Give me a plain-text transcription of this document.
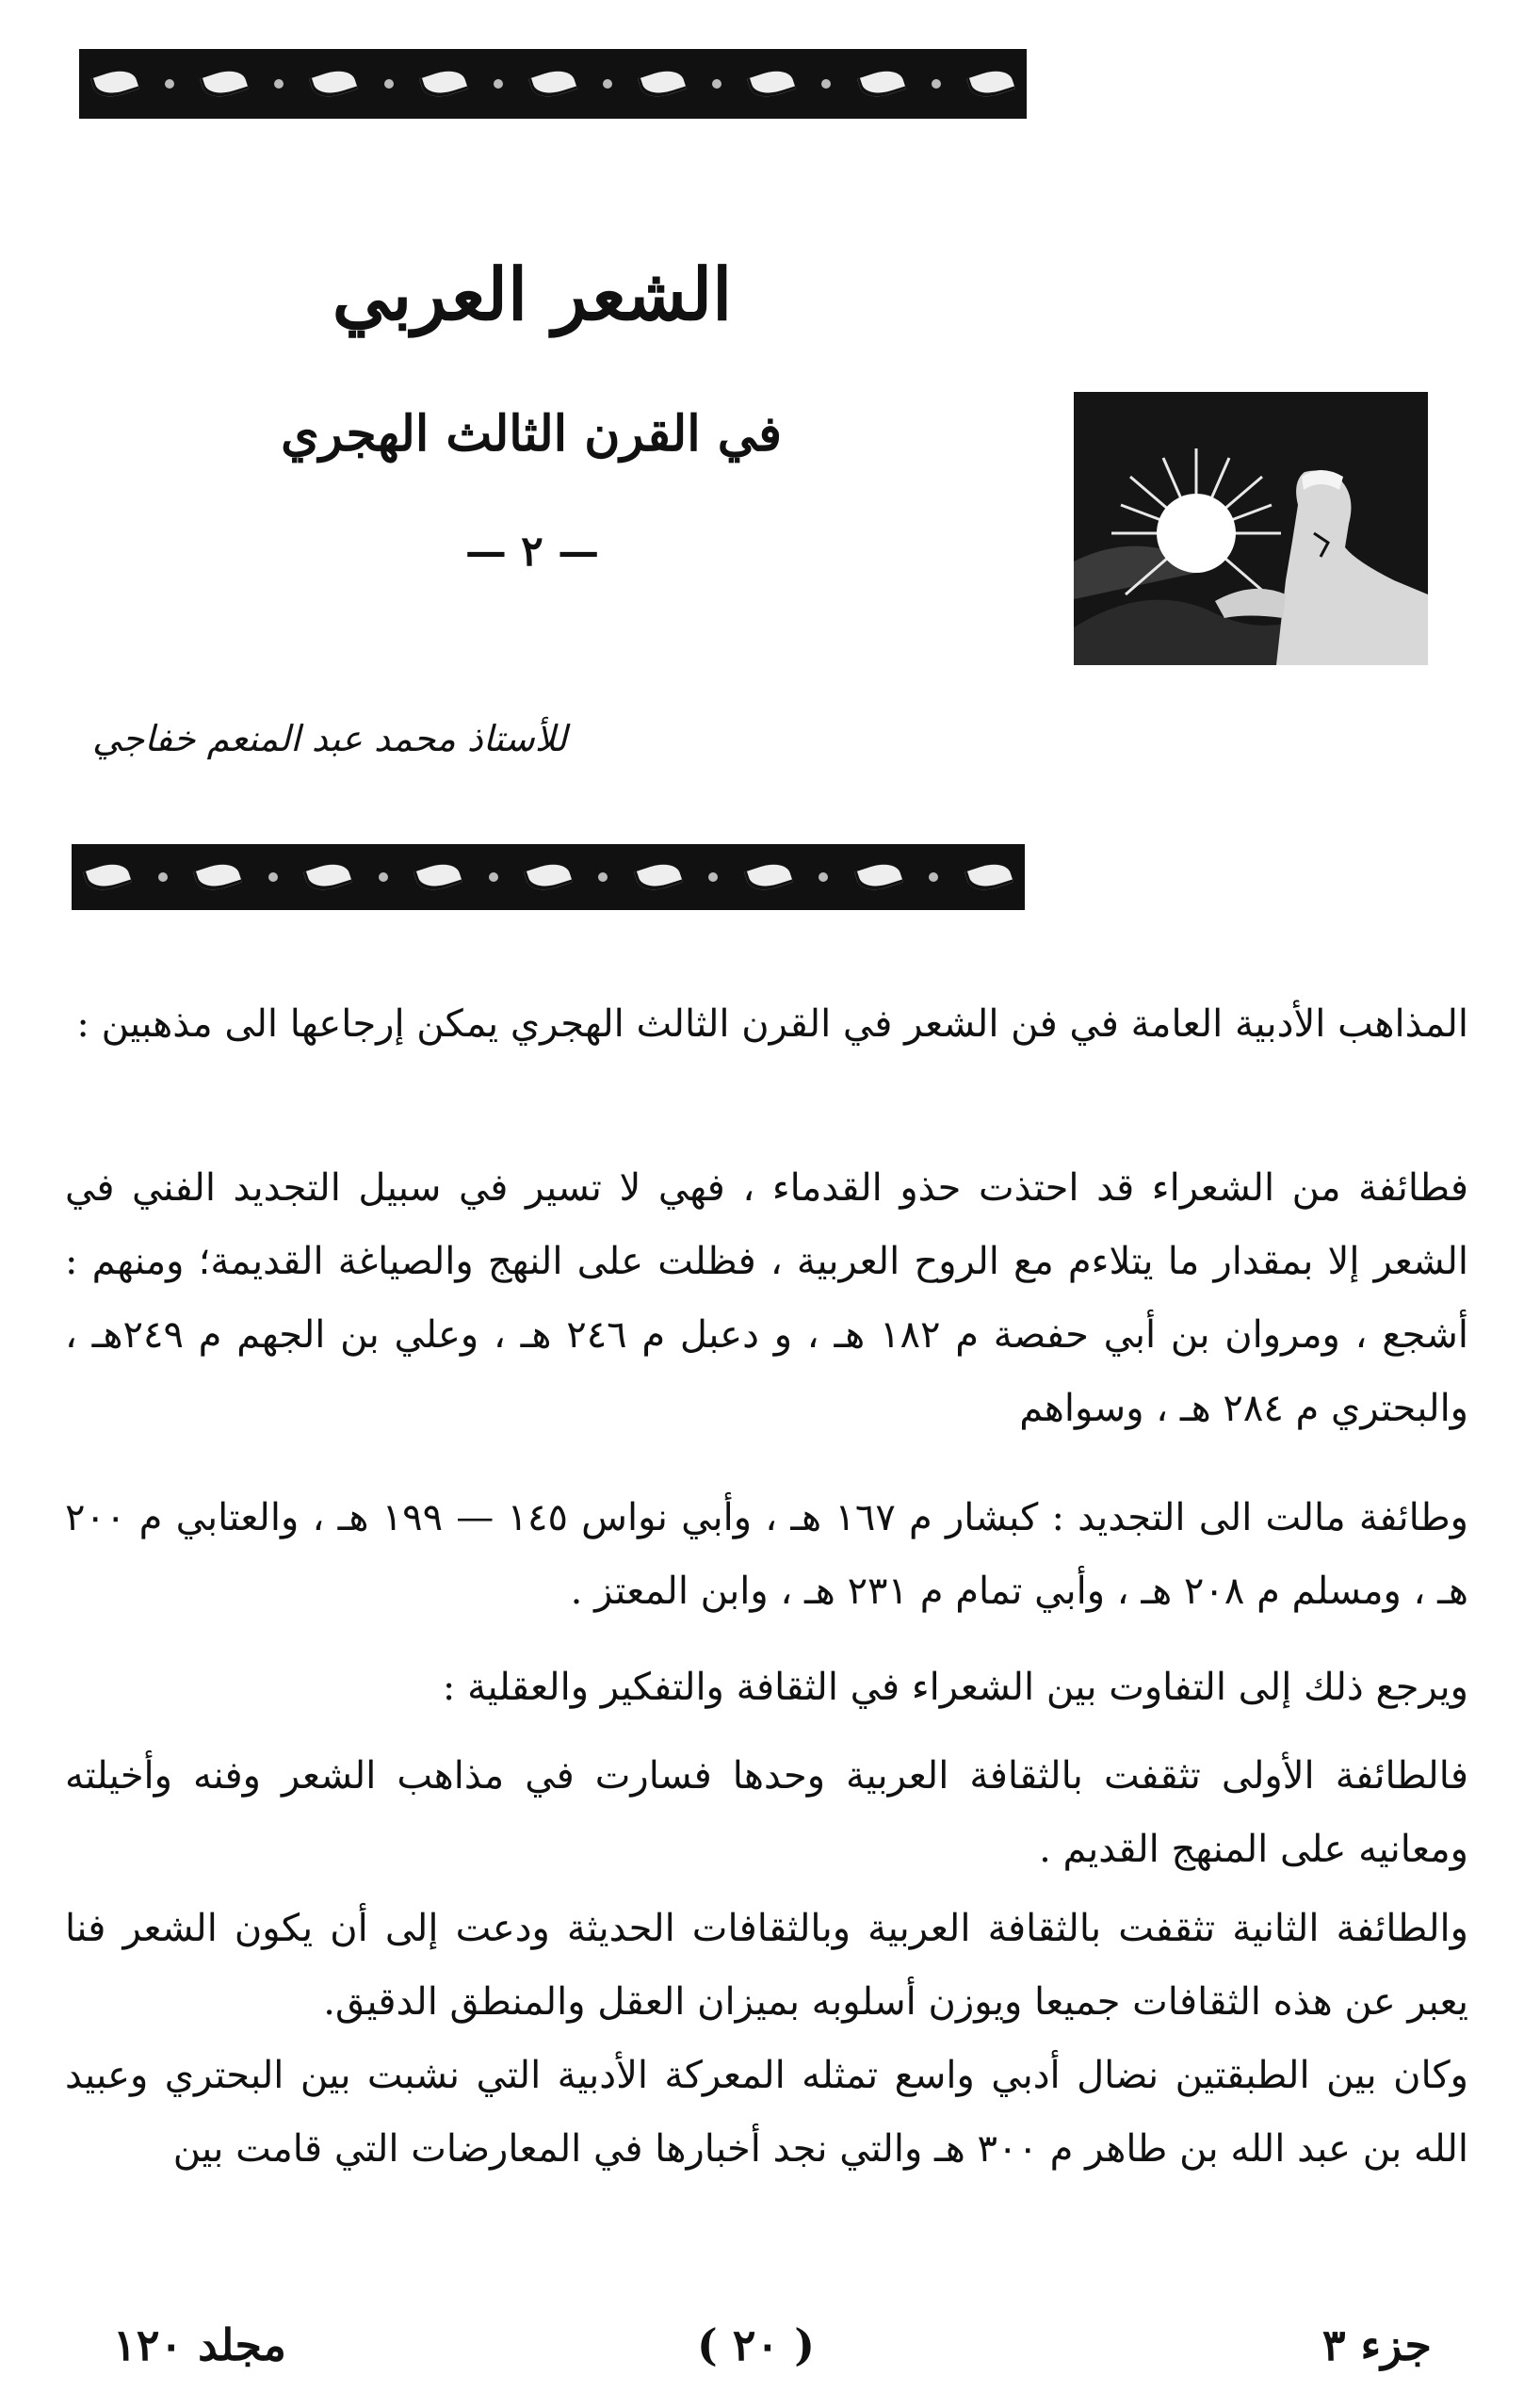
الشعر العربي
في القرن الثالث الهجري
— ٢ —
للأستاذ محمد عبد المنعم خفاجي

المذاهب الأدبية العامة في فن الشعر في القرن الثالث الهجري يمكن إرجاعها الى مذهبين :

فطائفة من الشعراء قد احتذت حذو القدماء ، فهي لا تسير في سبيل التجديد الفني في الشعر إلا بمقدار ما يتلاءم مع الروح العربية ، فظلت على النهج والصياغة القديمة؛ ومنهم : أشجع ، ومروان بن أبي حفصة م ١٨٢ هـ ، و دعبل م ٢٤٦ هـ ، وعلي بن الجهم م ٢٤٩هـ ، والبحتري م ٢٨٤ هـ ، وسواهم

وطائفة مالت الى التجديد : كبشار م ١٦٧ هـ ، وأبي نواس ١٤٥ — ١٩٩ هـ ، والعتابي م ٢٠٠ هـ ، ومسلم م ٢٠٨ هـ ، وأبي تمام م ٢٣١ هـ ، وابن المعتز .

ويرجع ذلك إلى التفاوت بين الشعراء في الثقافة والتفكير والعقلية :

فالطائفة الأولى تثقفت بالثقافة العربية وحدها فسارت في مذاهب الشعر وفنه وأخيلته ومعانيه على المنهج القديم .

والطائفة الثانية تثقفت بالثقافة العربية وبالثقافات الحديثة ودعت إلى أن يكون الشعر فنا يعبر عن هذه الثقافات جميعا ويوزن أسلوبه بميزان العقل والمنطق الدقيق.

وكان بين الطبقتين نضال أدبي واسع تمثله المعركة الأدبية التي نشبت بين البحتري وعبيد الله بن عبد الله بن طاهر م ٣٠٠ هـ والتي نجد أخبارها في المعارضات التي قامت بين

جزء ٣
( ٢٠ )
مجلد ١٢٠
